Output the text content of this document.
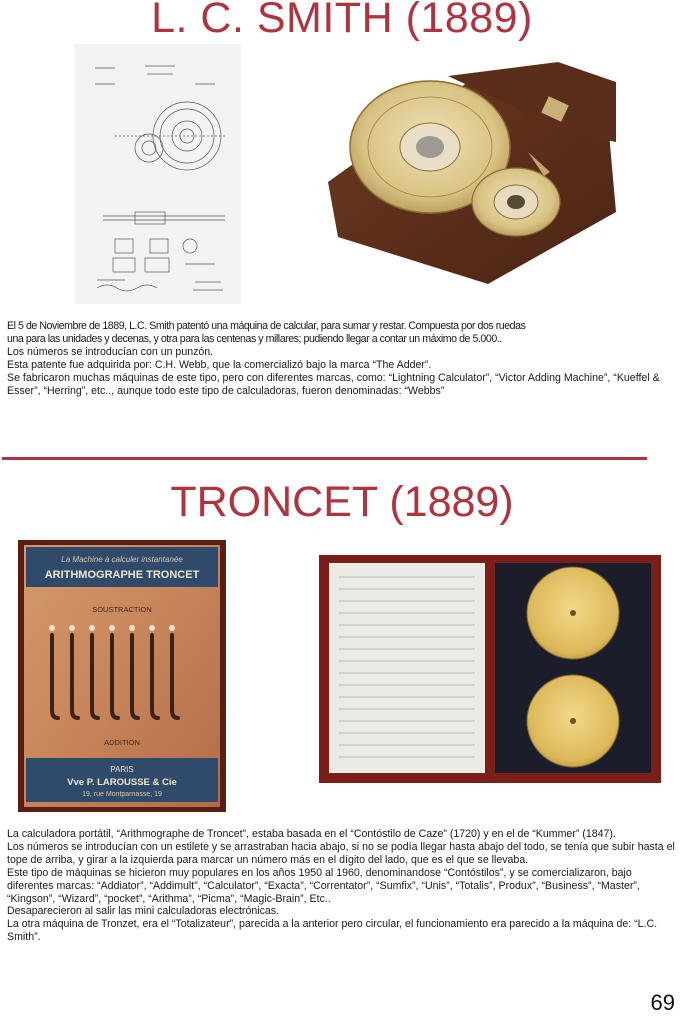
L. C. SMITH (1889)

El 5 de Noviembre de 1889, L.C. Smith patentó una máquina de calcular, para sumar y restar. Compuesta por dos ruedas

una para las unidades y decenas, y otra para las centenas y millares; pudiendo llegar a contar un máximo de 5.000..

Los números se introducían con un punzón.

Esta patente fue adquirida por: C.H. Webb, que la comercializó bajo la marca “The Adder”.

Se fabricaron muchas máquinas de este tipo, pero con diferentes marcas, como: “Lightning Calculator”, “Victor Adding Machine”, “Kueffel & Esser”, “Herring”, etc.., aunque todo este tipo de calculadoras, fueron denominadas: “Webbs”

TRONCET (1889)
La Machine à calculer instantanée
ARITHMOGRAPHE TRONCET
SOUSTRACTION
ADDITION
PARIS
Vve P. LAROUSSE & Cie
19, rue Montparnasse, 19

La calculadora portátil, “Arithmographe de Troncet”, estaba basada en el “Contóstilo de Caze” (1720) y en el de “Kummer” (1847).

Los números se introducían con un estilete y se arrastraban hacia abajo, si no se podía llegar hasta abajo del todo, se tenía que subir hasta el tope de arriba, y girar a la izquierda para marcar un número más en el dígito del lado, que es el que se llevaba.

Este tipo de máquinas se hicieron muy populares en los años 1950 al 1960, denominandose “Contóstilos”, y se comercializaron, bajo diferentes marcas: “Addiator”, “Addimult”, “Calculator”, “Exacta”, “Correntator”, “Sumfix”, “Unis”, “Totalis”, Produx”, “Business”, “Master”, “Kingson”, “Wizard”, “pocket”, “Arithma”, “Picma”, “Magic-Brain”, Etc..

Desaparecieron al salir las mini calculadoras electrónicas.

La otra máquina de Tronzet, era el “Totalizateur”, parecida a la anterior pero circular, el funcionamiento era parecido a la máquina de: “L.C. Smith”.

69
